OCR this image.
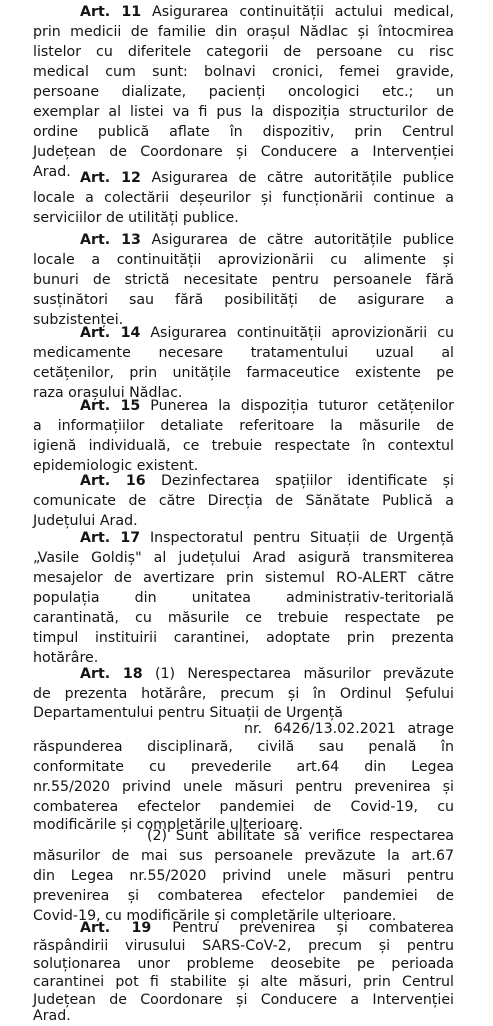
Art. 11 Asigurarea continuității actului medical,
prin medicii de familie din orașul Nădlac și întocmirea
listelor cu diferitele categorii de persoane cu risc
medical cum sunt: bolnavi cronici, femei gravide,
persoane dializate, pacienți oncologici etc.; un
exemplar al listei va fi pus la dispoziția structurilor de
ordine publică aflate în dispozitiv, prin Centrul
Județean de Coordonare și Conducere a Intervenției
Arad. Art. 12 Asigurarea de către autoritățile publice
locale a colectării deșeurilor și funcționării continue a
serviciilor de utilități publice.
Art. 13 Asigurarea de către autoritățile publice
locale a continuității aprovizionării cu alimente și
bunuri de strictă necesitate pentru persoanele fără
susținători sau fără posibilități de asigurare a
subzistenței.
Art. 14 Asigurarea continuității aprovizionării cu
medicamente necesare tratamentului uzual al
cetățenilor, prin unitățile farmaceutice existente pe
raza orașului Nădlac.
Art. 15 Punerea la dispoziția tuturor cetățenilor
a informațiilor detaliate referitoare la măsurile de
igienă individuală, ce trebuie respectate în contextul
epidemiologic existent.
Art. 16 Dezinfectarea spațiilor identificate și
comunicate de către Direcția de Sănătate Publică a
Județului Arad.
Art. 17 Inspectoratul pentru Situații de Urgență
„Vasile Goldiș" al județului Arad asigură transmiterea
mesajelor de avertizare prin sistemul RO-ALERT către
populația din unitatea administrativ-teritorială
carantinată, cu măsurile ce trebuie respectate pe
timpul instituirii carantinei, adoptate prin prezenta
hotărâre.
Art. 18 (1) Nerespectarea măsurilor prevăzute
de prezenta hotărâre, precum și în Ordinul Șefului
Departamentului pentru Situații de Urgență
nr. 6426/13.02.2021 atrage
răspunderea disciplinară, civilă sau penală în
conformitate cu prevederile art.64 din Legea
nr.55/2020 privind unele măsuri pentru prevenirea și
combaterea efectelor pandemiei de Covid-19, cu
modificările și completările ulterioare.
(2) Sunt abilitate să verifice respectarea
măsurilor de mai sus persoanele prevăzute la art.67
din Legea nr.55/2020 privind unele măsuri pentru
prevenirea și combaterea efectelor pandemiei de
Covid-19, cu modificările și completările ulterioare.
Art. 19 Pentru prevenirea și combaterea
răspândirii virusului SARS-CoV-2, precum și pentru
soluționarea unor probleme deosebite pe perioada
carantinei pot fi stabilite și alte măsuri, prin Centrul
Județean de Coordonare și Conducere a Intervenției
Arad.
